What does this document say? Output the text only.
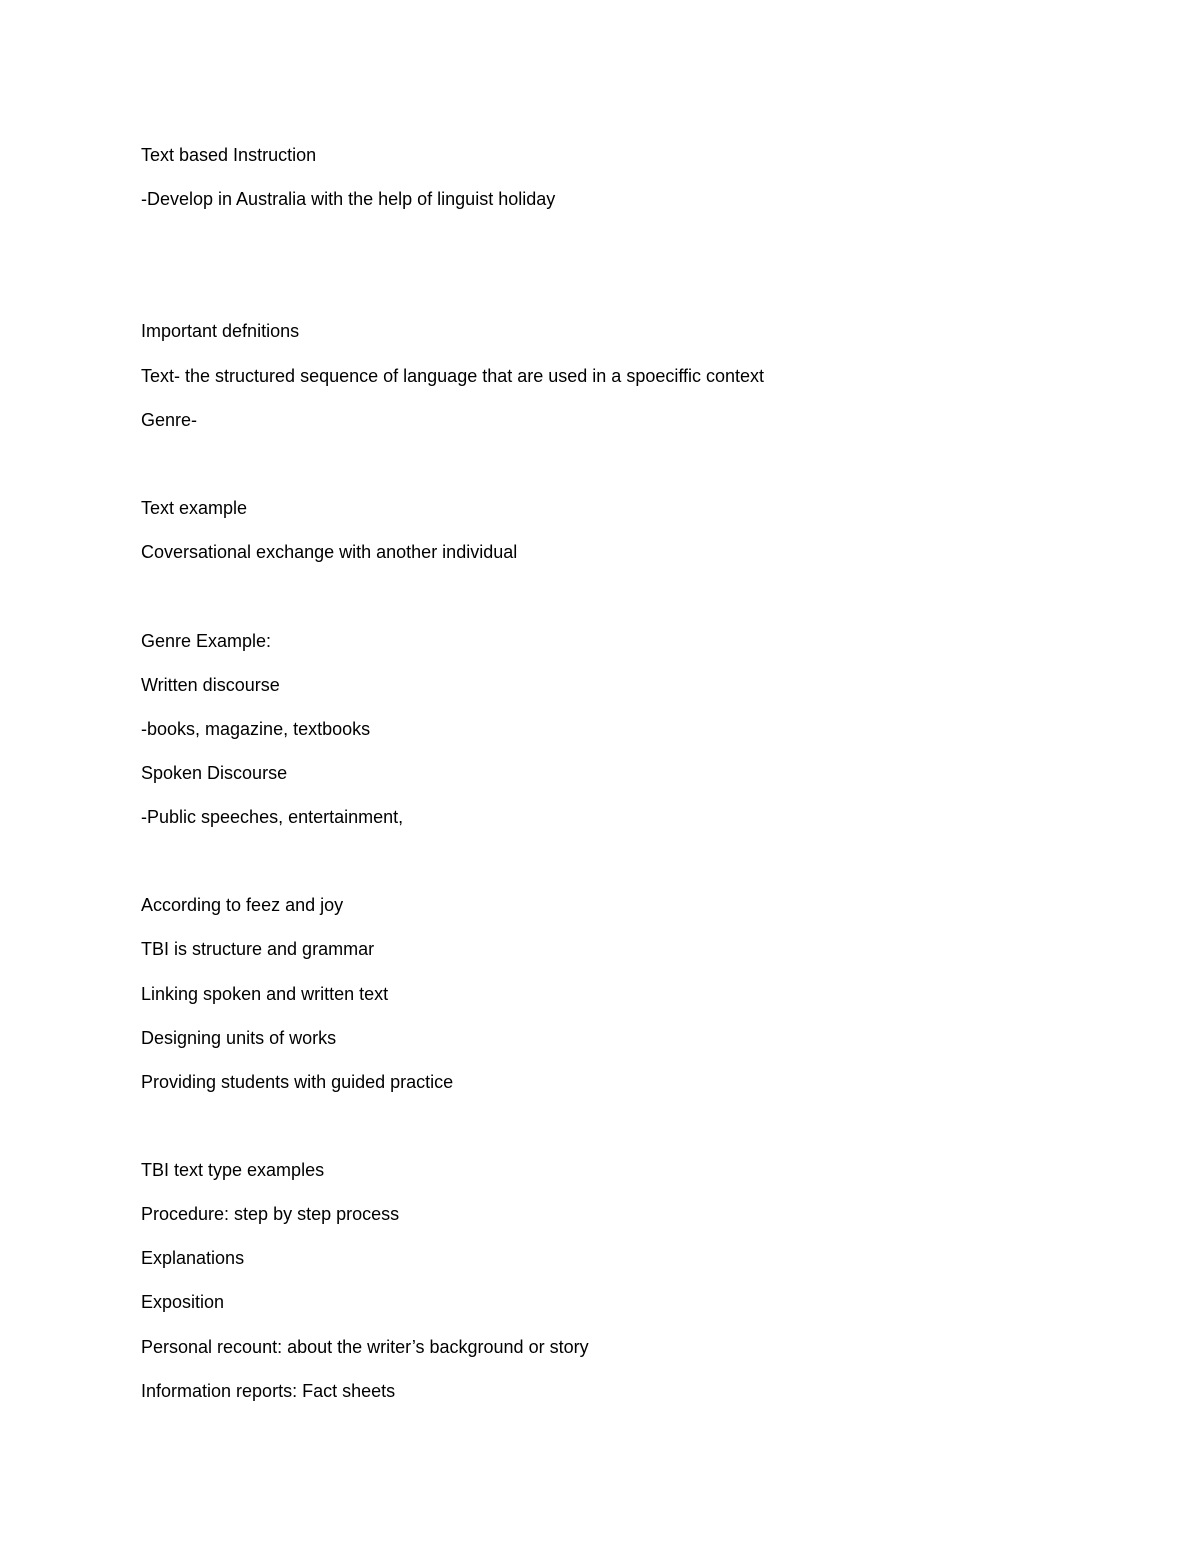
Text based Instruction

-Develop in Australia with the help of linguist holiday

Important defnitions

Text- the structured sequence of language that are used in a spoeciffic context

Genre-

Text example

Coversational exchange with another individual

Genre Example:

Written discourse

-books, magazine, textbooks

Spoken Discourse

-Public speeches, entertainment,

According to feez and joy

TBI is structure and grammar

Linking spoken and written text

Designing units of works

Providing students with guided practice

TBI text type examples

Procedure: step by step process

Explanations

Exposition

Personal recount: about the writer’s background or story

Information reports: Fact sheets
